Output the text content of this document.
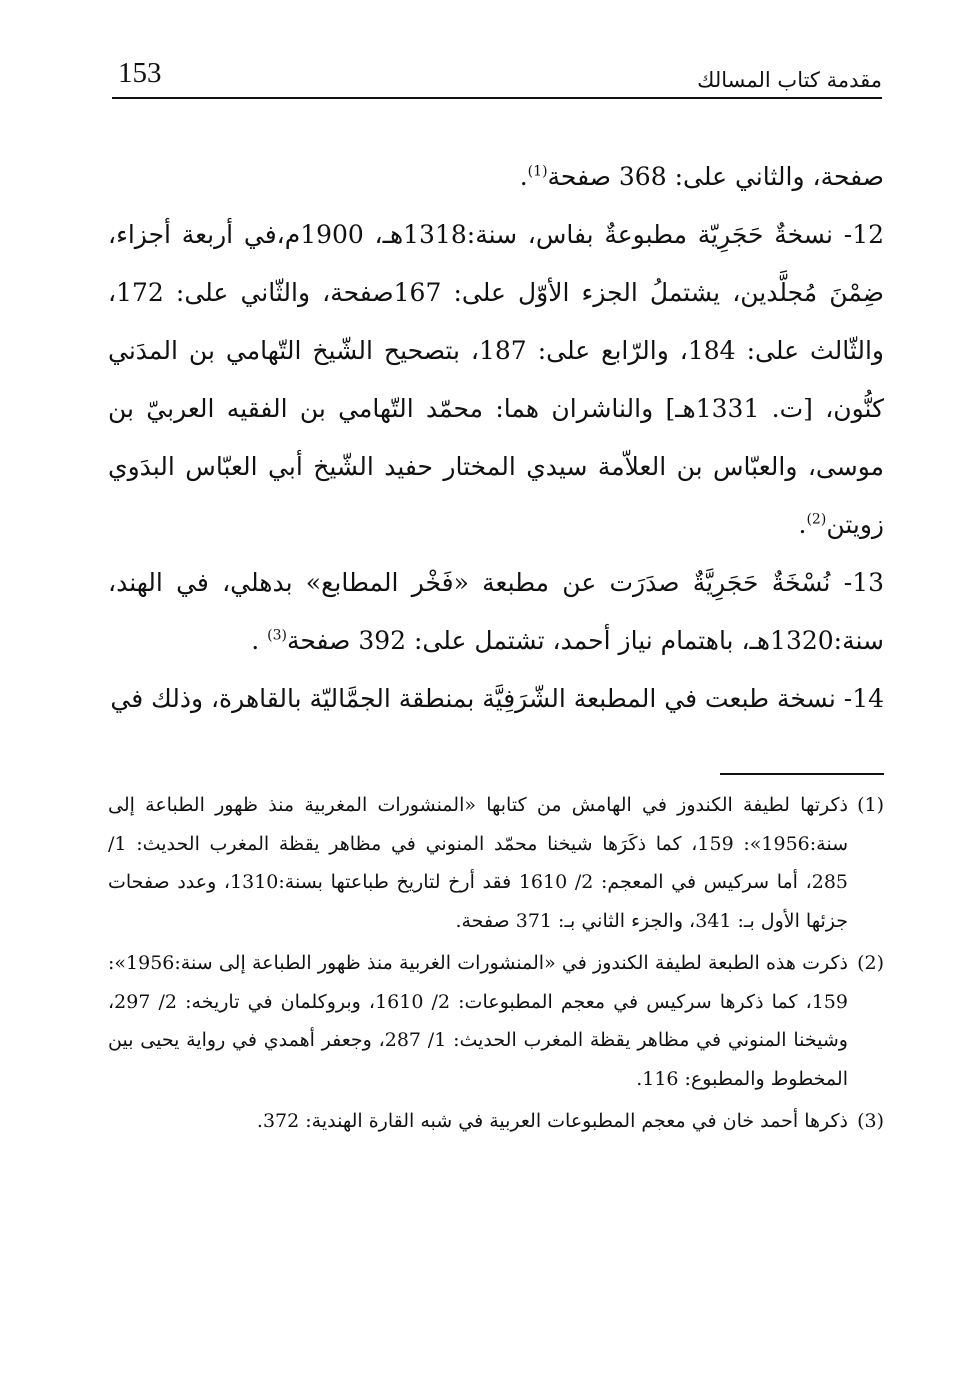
153	مقدمة كتاب المسالك

صفحة، والثاني على: 368 صفحة$^{(1)}$.

12- نسخةٌ حَجَرِيّة مطبوعةٌ بفاس، سنة:1318هـ، 1900م،في أربعة أجزاء، ضِمْنَ مُجلَّدين، يشتملُ الجزء الأوّل على: 167صفحة، والثّاني على: 172، والثّالث على: 184، والرّابع على: 187، بتصحيح الشّيخ التّهامي بن المدَني كنُّون، [ت. 1331هـ] والناشران هما: محمّد التّهامي بن الفقيه العربيّ بن موسى، والعبّاس بن العلاّمة سيدي المختار حفيد الشّيخ أبي العبّاس البدَوي زويتن$^{(2)}$.

13- نُسْخَةٌ حَجَرِيَّةٌ صدَرَت عن مطبعة «فَخْر المطابع» بدهلي، في الهند، سنة:1320هـ، باهتمام نياز أحمد، تشتمل على: 392 صفحة$^{(3)}$ .

14- نسخة طبعت في المطبعة الشّرَفِيَّة بمنطقة الجمَّاليّة بالقاهرة، وذلك في

(1)
ذكرتها لطيفة الكندوز في الهامش من كتابها «المنشورات المغربية منذ ظهور الطباعة إلى سنة:1956»: 159، كما ذكَرَها شيخنا محمّد المنوني في مظاهر يقظة المغرب الحديث: 1/ 285، أما سركيس في المعجم: 2/ 1610 فقد أرخ لتاريخ طباعتها بسنة:1310، وعدد صفحات جزئها الأول بـ: 341، والجزء الثاني بـ: 371 صفحة.

(2)
ذكرت هذه الطبعة لطيفة الكندوز في «المنشورات الغربية منذ ظهور الطباعة إلى سنة:1956»: 159، كما ذكرها سركيس في معجم المطبوعات: 2/ 1610، وبروكلمان في تاريخه: 2/ 297، وشيخنا المنوني في مظاهر يقظة المغرب الحديث: 1/ 287، وجعفر أهمدي في رواية يحيى بين المخطوط والمطبوع: 116.

(3)
ذكرها أحمد خان في معجم المطبوعات العربية في شبه القارة الهندية: 372.
